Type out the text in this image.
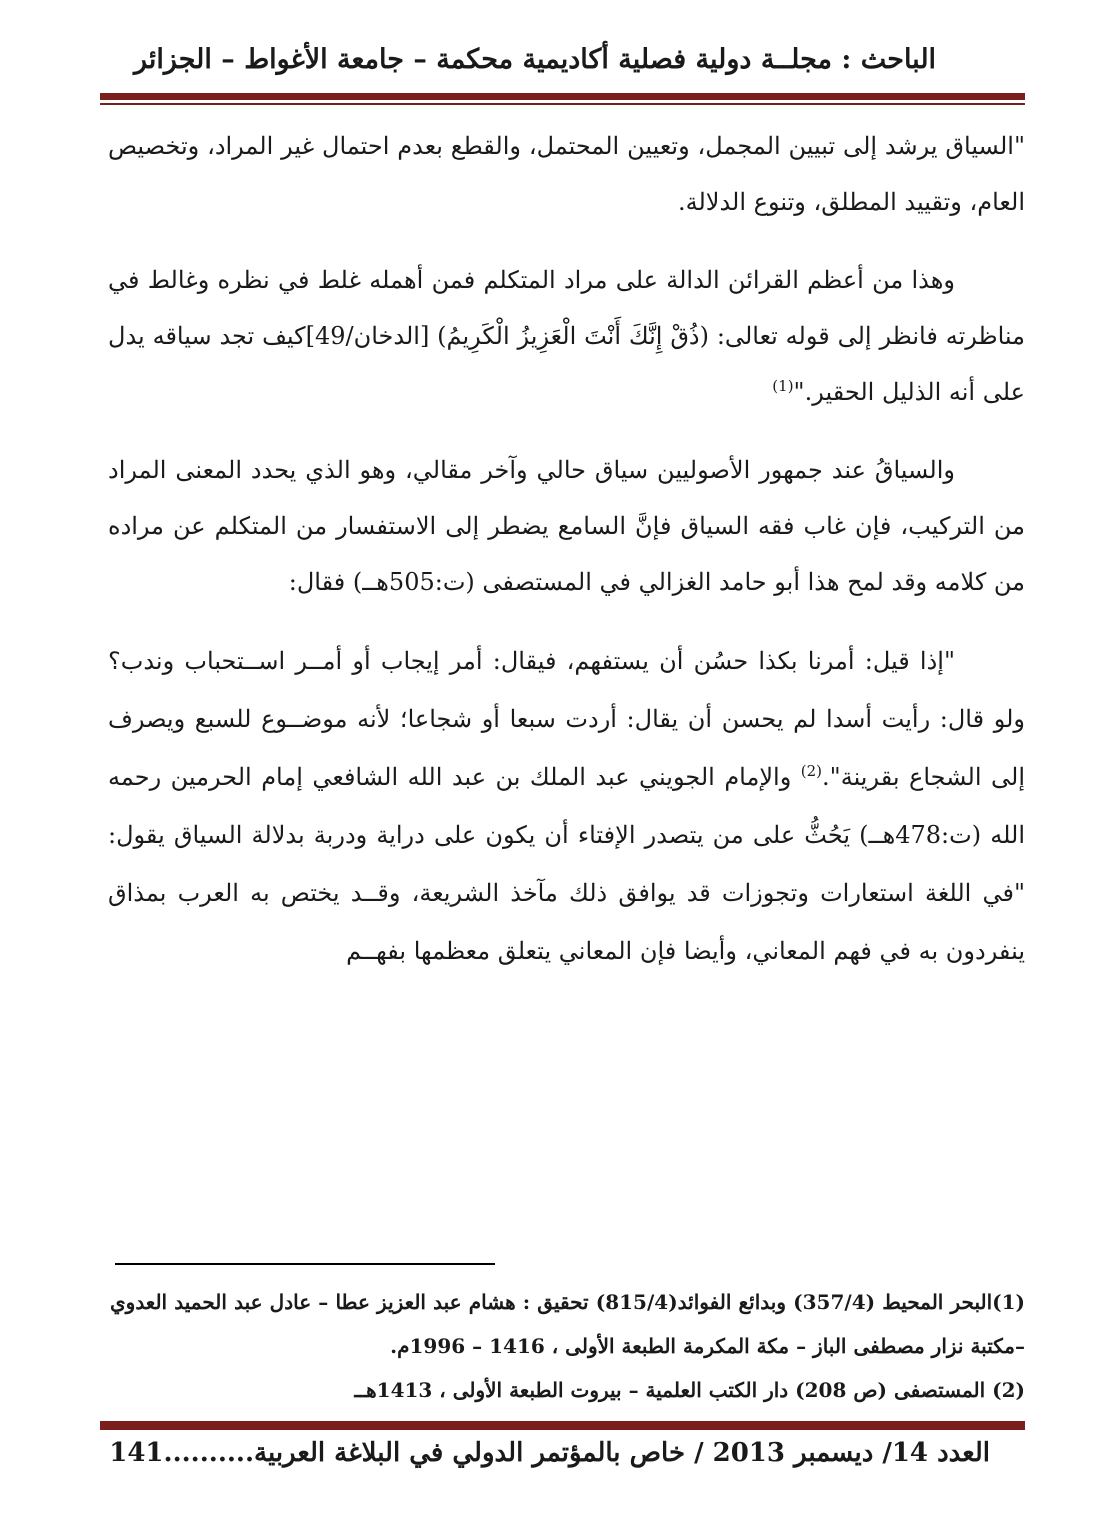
الباحث : مجلــة دولية فصلية أكاديمية محكمة – جامعة الأغواط – الجزائر

"السياق يرشد إلى تبيين المجمل، وتعيين المحتمل، والقطع بعدم احتمال غير المراد، وتخصيص العام، وتقييد المطلق، وتنوع الدلالة.

وهذا من أعظم القرائن الدالة على مراد المتكلم فمن أهمله غلط في نظره وغالط في مناظرته فانظر إلى قوله تعالى: (ذُقْ إِنَّكَ أَنْتَ الْعَزِيزُ الْكَرِيمُ) [الدخان/49]كيف تجد سياقه يدل على أنه الذليل الحقير."$^{(1)}$

والسياقُ عند جمهور الأصوليين سياق حالي وآخر مقالي، وهو الذي يحدد المعنى المراد من التركيب، فإن غاب فقه السياق فإنَّ السامع يضطر إلى الاستفسار من المتكلم عن مراده من كلامه وقد لمح هذا أبو حامد الغزالي في المستصفى (ت:505هــ) فقال:

"إذا قيل: أمرنا بكذا حسُن أن يستفهم، فيقال: أمر إيجاب أو أمــر اســتحباب وندب؟ ولو قال: رأيت أسدا لم يحسن أن يقال: أردت سبعا أو شجاعا؛ لأنه موضــوع للسبع ويصرف إلى الشجاع بقرينة".$^{(2)}$ والإمام الجويني عبد الملك بن عبد الله الشافعي إمام الحرمين رحمه الله (ت:478هــ) يَحُثُّ على من يتصدر الإفتاء أن يكون على دراية ودربة بدلالة السياق يقول: "في اللغة استعارات وتجوزات قد يوافق ذلك مآخذ الشريعة، وقــد يختص به العرب بمذاق ينفردون به في فهم المعاني، وأيضا فإن المعاني يتعلق معظمها بفهــم

(1)البحر المحيط (357/4) وبدائع الفوائد(815/4) تحقيق : هشام عبد العزيز عطا – عادل عبد الحميد العدوي –مكتبة نزار مصطفى الباز – مكة المكرمة الطبعة الأولى ، 1416 – 1996م.

(2) المستصفى (ص 208) دار الكتب العلمية – بيروت الطبعة الأولى ، 1413هــ

العدد 14/ ديسمبر 2013 / خاص بالمؤتمر الدولي في البلاغة العربية..........
141
